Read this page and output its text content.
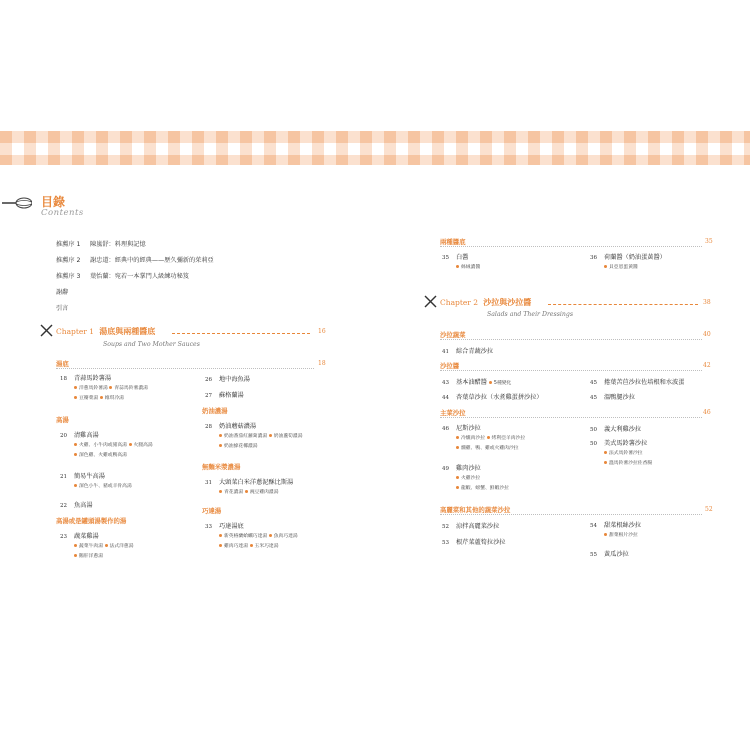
目錄
Contents
推薦序 1 陳嵐舒：料理與記憶
推薦序 2 謝忠道：經典中的經典——歷久彌新的茱莉亞
推薦序 3 葉怡蘭：宛若一本掌門人級練功秘笈
謝辭
引言
Chapter 1 湯底與兩種醬底	16
Soups and Two Mother Sauces
湯底	18
18 青蒜馬鈴薯湯
洋蔥馬鈴薯湯 青蒜馬鈴薯濃湯
豆瓣菜湯 維琪冷湯
高湯
20 清雞高湯
火雞、小牛肉或豬高湯 火腿高湯
深色雞、火雞或鴨高湯
21 簡易牛高湯
深色小牛、豬或羊骨高湯
22 魚高湯
高湯或是罐頭湯製作的湯
23 蔬菜雞湯
蔬菜牛肉湯 法式洋蔥湯
鵝肝洋蔥湯
26 地中海魚湯
27 蘇格蘭湯
奶油濃湯
28 奶油蘑菇濃湯
奶油番茄紅蘿蔔濃湯 奶油蘆筍濃湯
奶油綠花椰濃湯
無麵米漿濃湯
31 大頭菜白米洋蔥泥酥比斯湯
青花濃湯 豌豆雞肉濃湯
巧達湯
33 巧達湯底
新英格蘭蛤蠣巧達湯 魚肉巧達湯
雞肉巧達湯 玉米巧達湯
兩種醬底	35
35 白醬
絲絨濃醬
36 荷蘭醬（奶油蛋黃醬）
貝亞恩蛋黃醬
Chapter 2 沙拉與沙拉醬	38
Salads and Their Dressings
沙拉蔬菜	40
41 綜合青蔬沙拉
沙拉醬	42
43 基本油醋醬 5種變化
44 杏葉草沙拉（水煮雞蛋拼沙拉）
45 捲葉苦苣沙拉佐培根和水波蛋
45 溫鴨腿沙拉
主菜沙拉	46
46 尼斯沙拉
冷燻肉沙拉 烤利亞羊肉沙拉
燻雞、鴨、雞或火雞肉沙拉
49 雞肉沙拉
火雞沙拉
龍蝦、螃蟹、鮮蝦沙拉
50 義大利雞沙拉
50 美式馬鈴薯沙拉
法式馬鈴薯沙拉
溫馬鈴薯沙拉佐香腸
高麗菜和其他的蔬菜沙拉	52
52 涼拌高麗菜沙拉
53 根芹菜蘆筍拉沙拉
54 甜菜根絲沙拉
甜菜根片沙拉
55 黃瓜沙拉
